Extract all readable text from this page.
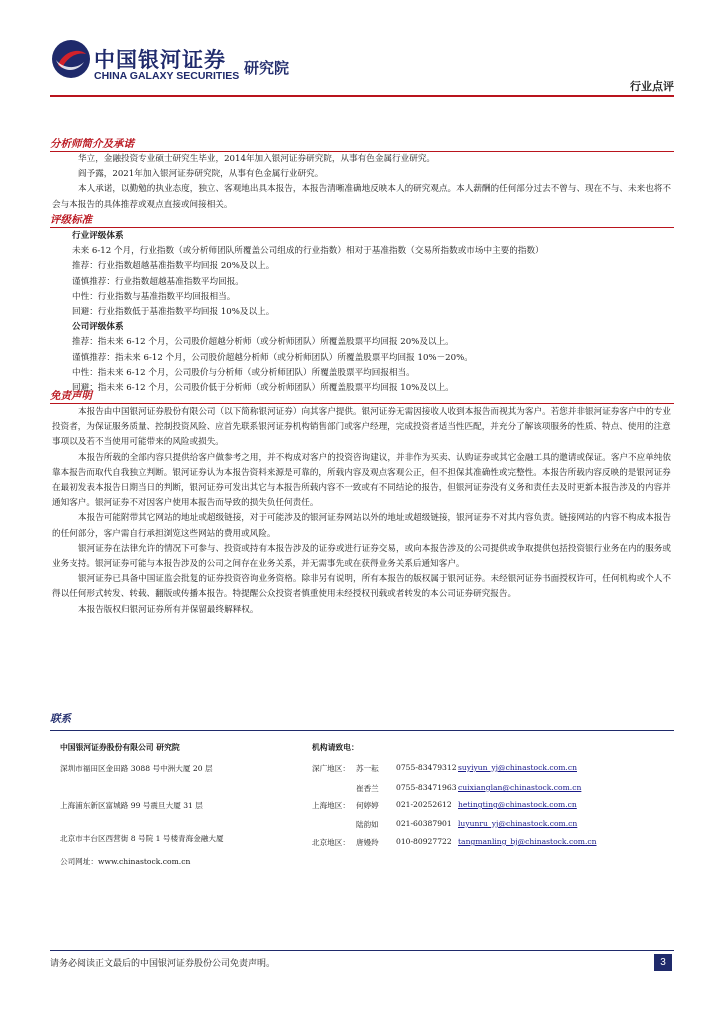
中国银河证券
CHINA GALAXY SECURITIES 研究院
行业点评
分析师简介及承诺

华立，金融投资专业硕士研究生毕业，2014年加入银河证券研究院，从事有色金属行业研究。

阎予露，2021年加入银河证券研究院，从事有色金属行业研究。

本人承诺，以勤勉的执业态度，独立、客观地出具本报告，本报告清晰准确地反映本人的研究观点。本人薪酬的任何部分过去不曾与、现在不与、未来也将不会与本报告的具体推荐或观点直接或间接相关。

评级标准

行业评级体系

未来 6-12 个月，行业指数（或分析师团队所覆盖公司组成的行业指数）相对于基准指数（交易所指数或市场中主要的指数）

推荐：行业指数超越基准指数平均回报 20%及以上。

谨慎推荐：行业指数超越基准指数平均回报。

中性：行业指数与基准指数平均回报相当。

回避：行业指数低于基准指数平均回报 10%及以上。

公司评级体系

推荐：指未来 6-12 个月，公司股价超越分析师（或分析师团队）所覆盖股票平均回报 20%及以上。

谨慎推荐：指未来 6-12 个月，公司股价超越分析师（或分析师团队）所覆盖股票平均回报 10%－20%。

中性：指未来 6-12 个月，公司股价与分析师（或分析师团队）所覆盖股票平均回报相当。

回避：指未来 6-12 个月，公司股价低于分析师（或分析师团队）所覆盖股票平均回报 10%及以上。

免责声明

本报告由中国银河证券股份有限公司（以下简称银河证券）向其客户提供。银河证券无需因接收人收到本报告而视其为客户。若您并非银河证券客户中的专业投资者，为保证服务质量、控制投资风险、应首先联系银河证券机构销售部门或客户经理，完成投资者适当性匹配，并充分了解该项服务的性质、特点、使用的注意事项以及若不当使用可能带来的风险或损失。

本报告所载的全部内容只提供给客户做参考之用，并不构成对客户的投资咨询建议，并非作为买卖、认购证券或其它金融工具的邀请或保证。客户不应单纯依靠本报告而取代自我独立判断。银河证券认为本报告资料来源是可靠的，所载内容及观点客观公正，但不担保其准确性或完整性。本报告所载内容反映的是银河证券在最初发表本报告日期当日的判断，银河证券可发出其它与本报告所载内容不一致或有不同结论的报告，但银河证券没有义务和责任去及时更新本报告涉及的内容并通知客户。银河证券不对因客户使用本报告而导致的损失负任何责任。

本报告可能附带其它网站的地址或超级链接，对于可能涉及的银河证券网站以外的地址或超级链接，银河证券不对其内容负责。链接网站的内容不构成本报告的任何部分，客户需自行承担浏览这些网站的费用或风险。

银河证券在法律允许的情况下可参与、投资或持有本报告涉及的证券或进行证券交易，或向本报告涉及的公司提供或争取提供包括投资银行业务在内的服务或业务支持。银河证券可能与本报告涉及的公司之间存在业务关系，并无需事先或在获得业务关系后通知客户。

银河证券已具备中国证监会批复的证券投资咨询业务资格。除非另有说明，所有本报告的版权属于银河证券。未经银河证券书面授权许可，任何机构或个人不得以任何形式转发、转载、翻版或传播本报告。特提醒公众投资者慎重使用未经授权刊载或者转发的本公司证券研究报告。

本报告版权归银河证券所有并保留最终解释权。

联系
中国银河证券股份有限公司 研究院
深圳市福田区金田路 3088 号中洲大厦 20 层
上海浦东新区富城路 99 号震旦大厦 31 层
北京市丰台区西营街 8 号院 1 号楼青海金融大厦
公司网址：www.chinastock.com.cn
机构请致电：
深广地区： 苏一耘 0755-83479312 suyiyun_yj@chinastock.com.cn
崔香兰 0755-83471963 cuixianglan@chinastock.com.cn
上海地区： 何婷婷 021-20252612 hetingting@chinastock.com.cn
陆韵如 021-60387901 luyunru_yj@chinastock.com.cn
北京地区： 唐嫚羚 010-80927722 tangmanling_bj@chinastock.com.cn
请务必阅读正文最后的中国银河证券股份公司免责声明。	3
